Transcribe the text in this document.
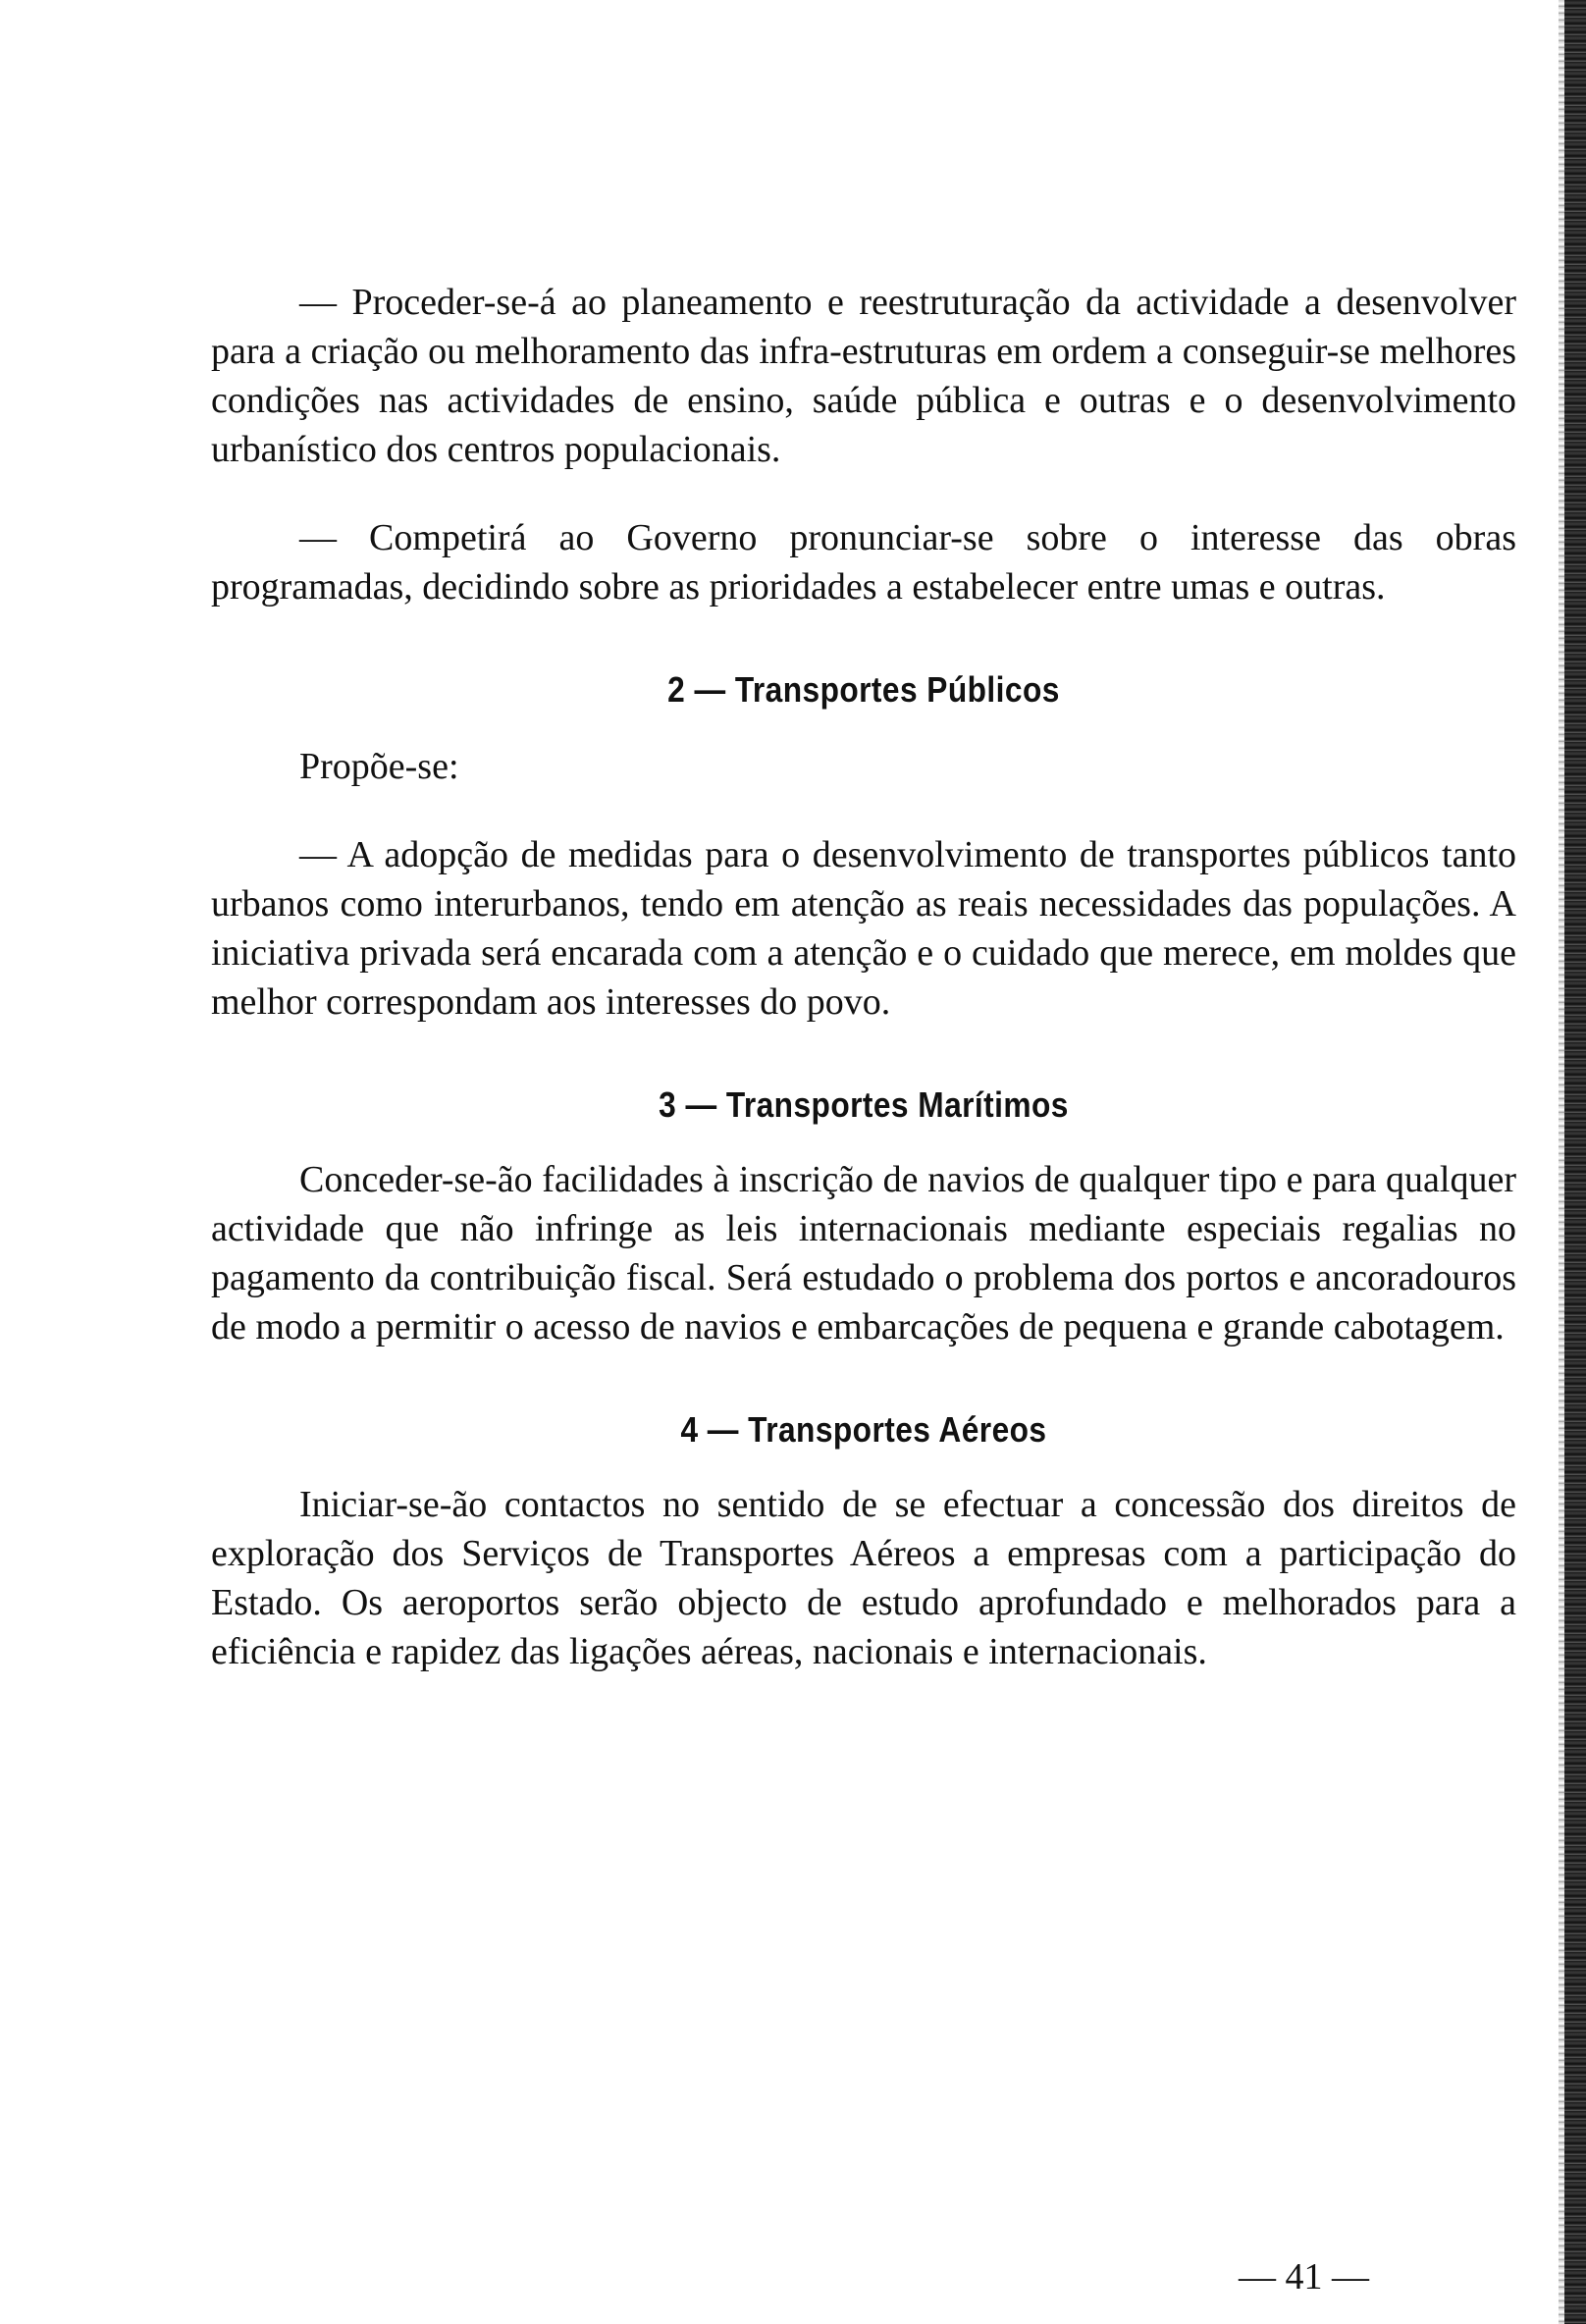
— Proceder-se-á ao planeamento e reestruturação da actividade a desenvolver para a criação ou melhoramento das infra-estruturas em ordem a conseguir-se melhores condições nas actividades de ensino, saúde pública e outras e o desenvolvimento urbanístico dos centros populacionais.

— Competirá ao Governo pronunciar-se sobre o interesse das obras programadas, decidindo sobre as prioridades a estabelecer entre umas e outras.

2 — Transportes Públicos

Propõe-se:

— A adopção de medidas para o desenvolvimento de transportes públicos tanto urbanos como interurbanos, tendo em atenção as reais necessidades das populações. A iniciativa privada será encarada com a atenção e o cuidado que merece, em moldes que melhor correspondam aos interesses do povo.

3 — Transportes Marítimos

Conceder-se-ão facilidades à inscrição de navios de qualquer tipo e para qualquer actividade que não infringe as leis internacionais mediante especiais regalias no pagamento da contribuição fiscal. Será estudado o problema dos portos e ancoradouros de modo a permitir o acesso de navios e embarcações de pequena e grande cabotagem.

4 — Transportes Aéreos

Iniciar-se-ão contactos no sentido de se efectuar a concessão dos direitos de exploração dos Serviços de Transportes Aéreos a empresas com a participação do Estado. Os aeroportos serão objecto de estudo aprofundado e melhorados para a eficiência e rapidez das ligações aéreas, nacionais e internacionais.

— 41 —
